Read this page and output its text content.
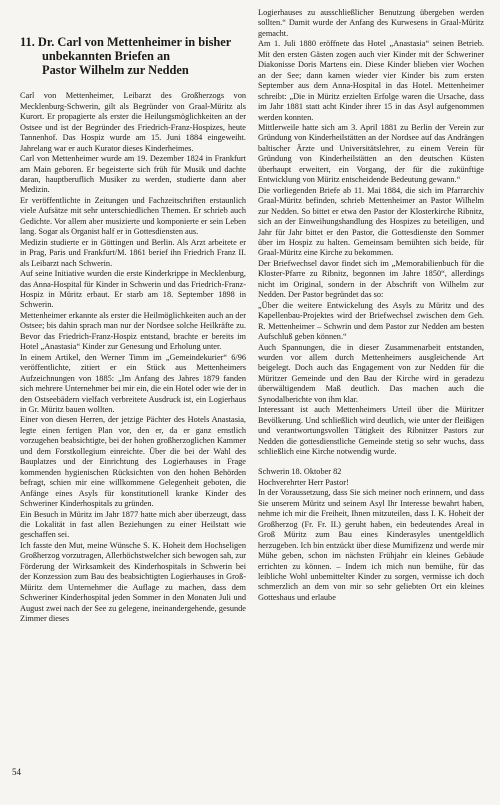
11. Dr. Carl von Mettenheimer in bisher
unbekannten Briefen an
Pastor Wilhelm zur Nedden

Carl von Mettenheimer, Leibarzt des Großherzogs von Mecklenburg-Schwerin, gilt als Begründer von Graal-Müritz als Kurort. Er propagierte als erster die Heilungsmöglichkeiten an der Ostsee und ist der Begründer des Friedrich-Franz-Hospizes, heute Tannenhof. Das Hospiz wurde am 15. Juni 1884 eingeweiht. Jahrelang war er auch Kurator dieses Kinderheimes.

Carl von Mettenheimer wurde am 19. Dezember 1824 in Frankfurt am Main geboren. Er begeisterte sich früh für Musik und dachte daran, hauptberuflich Musiker zu werden, studierte dann aber Medizin.

Er veröffentlichte in Zeitungen und Fachzeitschriften erstaunlich viele Aufsätze mit sehr unterschiedlichen Themen. Er schrieb auch Gedichte. Vor allem aber musizierte und komponierte er sein Leben lang. Sogar als Organist half er in Gottesdiensten aus.

Medizin studierte er in Göttingen und Berlin. Als Arzt arbeitete er in Prag, Paris und Frankfurt/M. 1861 berief ihn Friedrich Franz II. als Leibarzt nach Schwerin.

Auf seine Initiative wurden die erste Kinderkrippe in Mecklenburg, das Anna-Hospital für Kinder in Schwerin und das Friedrich-Franz-Hospiz in Müritz erbaut. Er starb am 18. September 1898 in Schwerin.

Mettenheimer erkannte als erster die Heilmöglichkeiten auch an der Ostsee; bis dahin sprach man nur der Nordsee solche Heilkräfte zu. Bevor das Friedrich-Franz-Hospiz entstand, brachte er bereits im Hotel „Anastasia“ Kinder zur Genesung und Erholung unter.

In einem Artikel, den Werner Timm im „Gemeindekurier“ 6/96 veröffentlichte, zitiert er ein Stück aus Mettenheimers Aufzeichnungen von 1885: „Im Anfang des Jahres 1879 fanden sich mehrere Unternehmer bei mir ein, die ein Hotel oder wie der in den Ostseebädern vielfach verbreitete Ausdruck ist, ein Logierhaus in Gr. Müritz bauen wollten.

Einer von diesen Herren, der jetzige Pächter des Hotels Anastasia, legte einen fertigen Plan vor, den er, da er ganz ernstlich vorzugehen beabsichtigte, bei der hohen großherzoglichen Kammer und dem Forstkollegium einreichte. Über die bei der Wahl des Bauplatzes und der Einrichtung des Logierhauses in Frage kommenden hygienischen Rücksichten von den hohen Behörden befragt, schien mir eine willkommene Gelegenheit geboten, die Anfänge eines Asyls für konstitutionell kranke Kinder des Schweriner Kinderhospitals zu gründen.

Ein Besuch in Müritz im Jahr 1877 hatte mich aber überzeugt, dass die Lokalität in fast allen Beziehungen zu einer Heilstatt wie geschaffen sei.

Ich fasste den Mut, meine Wünsche S. K. Hoheit dem Hochseligen Großherzog vorzutragen, Allerhöchstwelcher sich bewogen sah, zur Förderung der Wirksamkeit des Kinderhospitals in Schwerin bei der Konzession zum Bau des beabsichtigten Logierhauses in Groß-Müritz dem Unternehmer die Auflage zu machen, dass dem Schweriner Kinderhospital jeden Sommer in den Monaten Juli und August zwei nach der See zu gelegene, ineinandergehende, gesunde Zimmer dieses

Logierhauses zu ausschließlicher Benutzung übergeben werden sollten.“ Damit wurde der Anfang des Kurwesens in Graal-Müritz gemacht.

Am 1. Juli 1880 eröffnete das Hotel „Anastasia“ seinen Betrieb. Mit den ersten Gästen zogen auch vier Kinder mit der Schweriner Diakonisse Doris Martens ein. Diese Kinder blieben vier Wochen an der See; dann kamen wieder vier Kinder bis zum ersten September aus dem Anna-Hospital in das Hotel. Mettenheimer schreibt: „Die in Müritz erzielten Erfolge waren die Ursache, dass im Jahr 1881 statt acht Kinder ihrer 15 in das Asyl aufgenommen werden konnten.

Mittlerweile hatte sich am 3. April 1881 zu Berlin der Verein zur Gründung von Kinderheilstätten an der Nordsee auf das Andrängen baltischer Ärzte und Universitätslehrer, zu einem Verein für Gründung von Kinderheilstätten an den deutschen Küsten überhaupt erweitert, ein Vorgang, der für die zukünftige Entwicklung von Müritz entscheidende Bedeutung gewann.“

Die vorliegenden Briefe ab 11. Mai 1884, die sich im Pfarrarchiv Graal-Müritz befinden, schrieb Mettenheimer an Pastor Wilhelm zur Nedden. So bittet er etwa den Pastor der Klosterkirche Ribnitz, sich an der Einweihungshandlung des Hospizes zu beteiligen, und Jahr für Jahr bittet er den Pastor, die Gottesdienste den Sommer über im Hospiz zu halten. Gemeinsam bemühten sich beide, für Graal-Müritz eine Kirche zu bekommen.

Der Briefwechsel davor findet sich im „Memorabilienbuch für die Kloster-Pfarre zu Ribnitz, begonnen im Jahre 1850“, allerdings nicht im Original, sondern in der Abschrift von Wilhelm zur Nedden. Der Pastor begründet das so:

„Über die weitere Entwickelung des Asyls zu Müritz und des Kapellenbau-Projektes wird der Briefwechsel zwischen dem Geh. R. Mettenheimer – Schwrin und dem Pastor zur Nedden am besten Aufschluß geben können.“

Auch Spannungen, die in dieser Zusammenarbeit entstanden, wurden vor allem durch Mettenheimers ausgleichende Art beigelegt. Doch auch das Engagement von zur Nedden für die Müritzer Gemeinde und den Bau der Kirche wird in geradezu überwältigendem Maß deutlich. Das machen auch die Synodalberichte von ihm klar.

Interessant ist auch Mettenheimers Urteil über die Müritzer Bevölkerung. Und schließlich wird deutlich, wie unter der fleißigen und verantwortungsvollen Tätigkeit des Ribnitzer Pastors zur Nedden die gottesdienstliche Gemeinde stetig so sehr wuchs, dass schließlich eine Kirche notwendig wurde.

Schwerin 18. Oktober 82

Hochverehrter Herr Pastor!

In der Voraussetzung, dass Sie sich meiner noch erinnern, und dass Sie unserem Müritz und seinem Asyl Ihr Interesse bewahrt haben, nehme ich mir die Freiheit, Ihnen mitzuteilen, dass I. K. Hoheit der Großherzog (Fr. Fr. II.) geruht haben, ein bedeutendes Areal in Groß Müritz zum Bau eines Kinderasyles unentgeldlich herzugeben. Ich bin entzückt über diese Mumifizenz und werde mir Mühe geben, schon im nächsten Frühjahr ein kleines Gebäude errichten zu können. – Indem ich mich nun bemühe, für das leibliche Wohl unbemittelter Kinder zu sorgen, vermisse ich doch schmerzlich an dem von mir so sehr geliebten Ort ein kleines Gotteshaus und erlaube

54
